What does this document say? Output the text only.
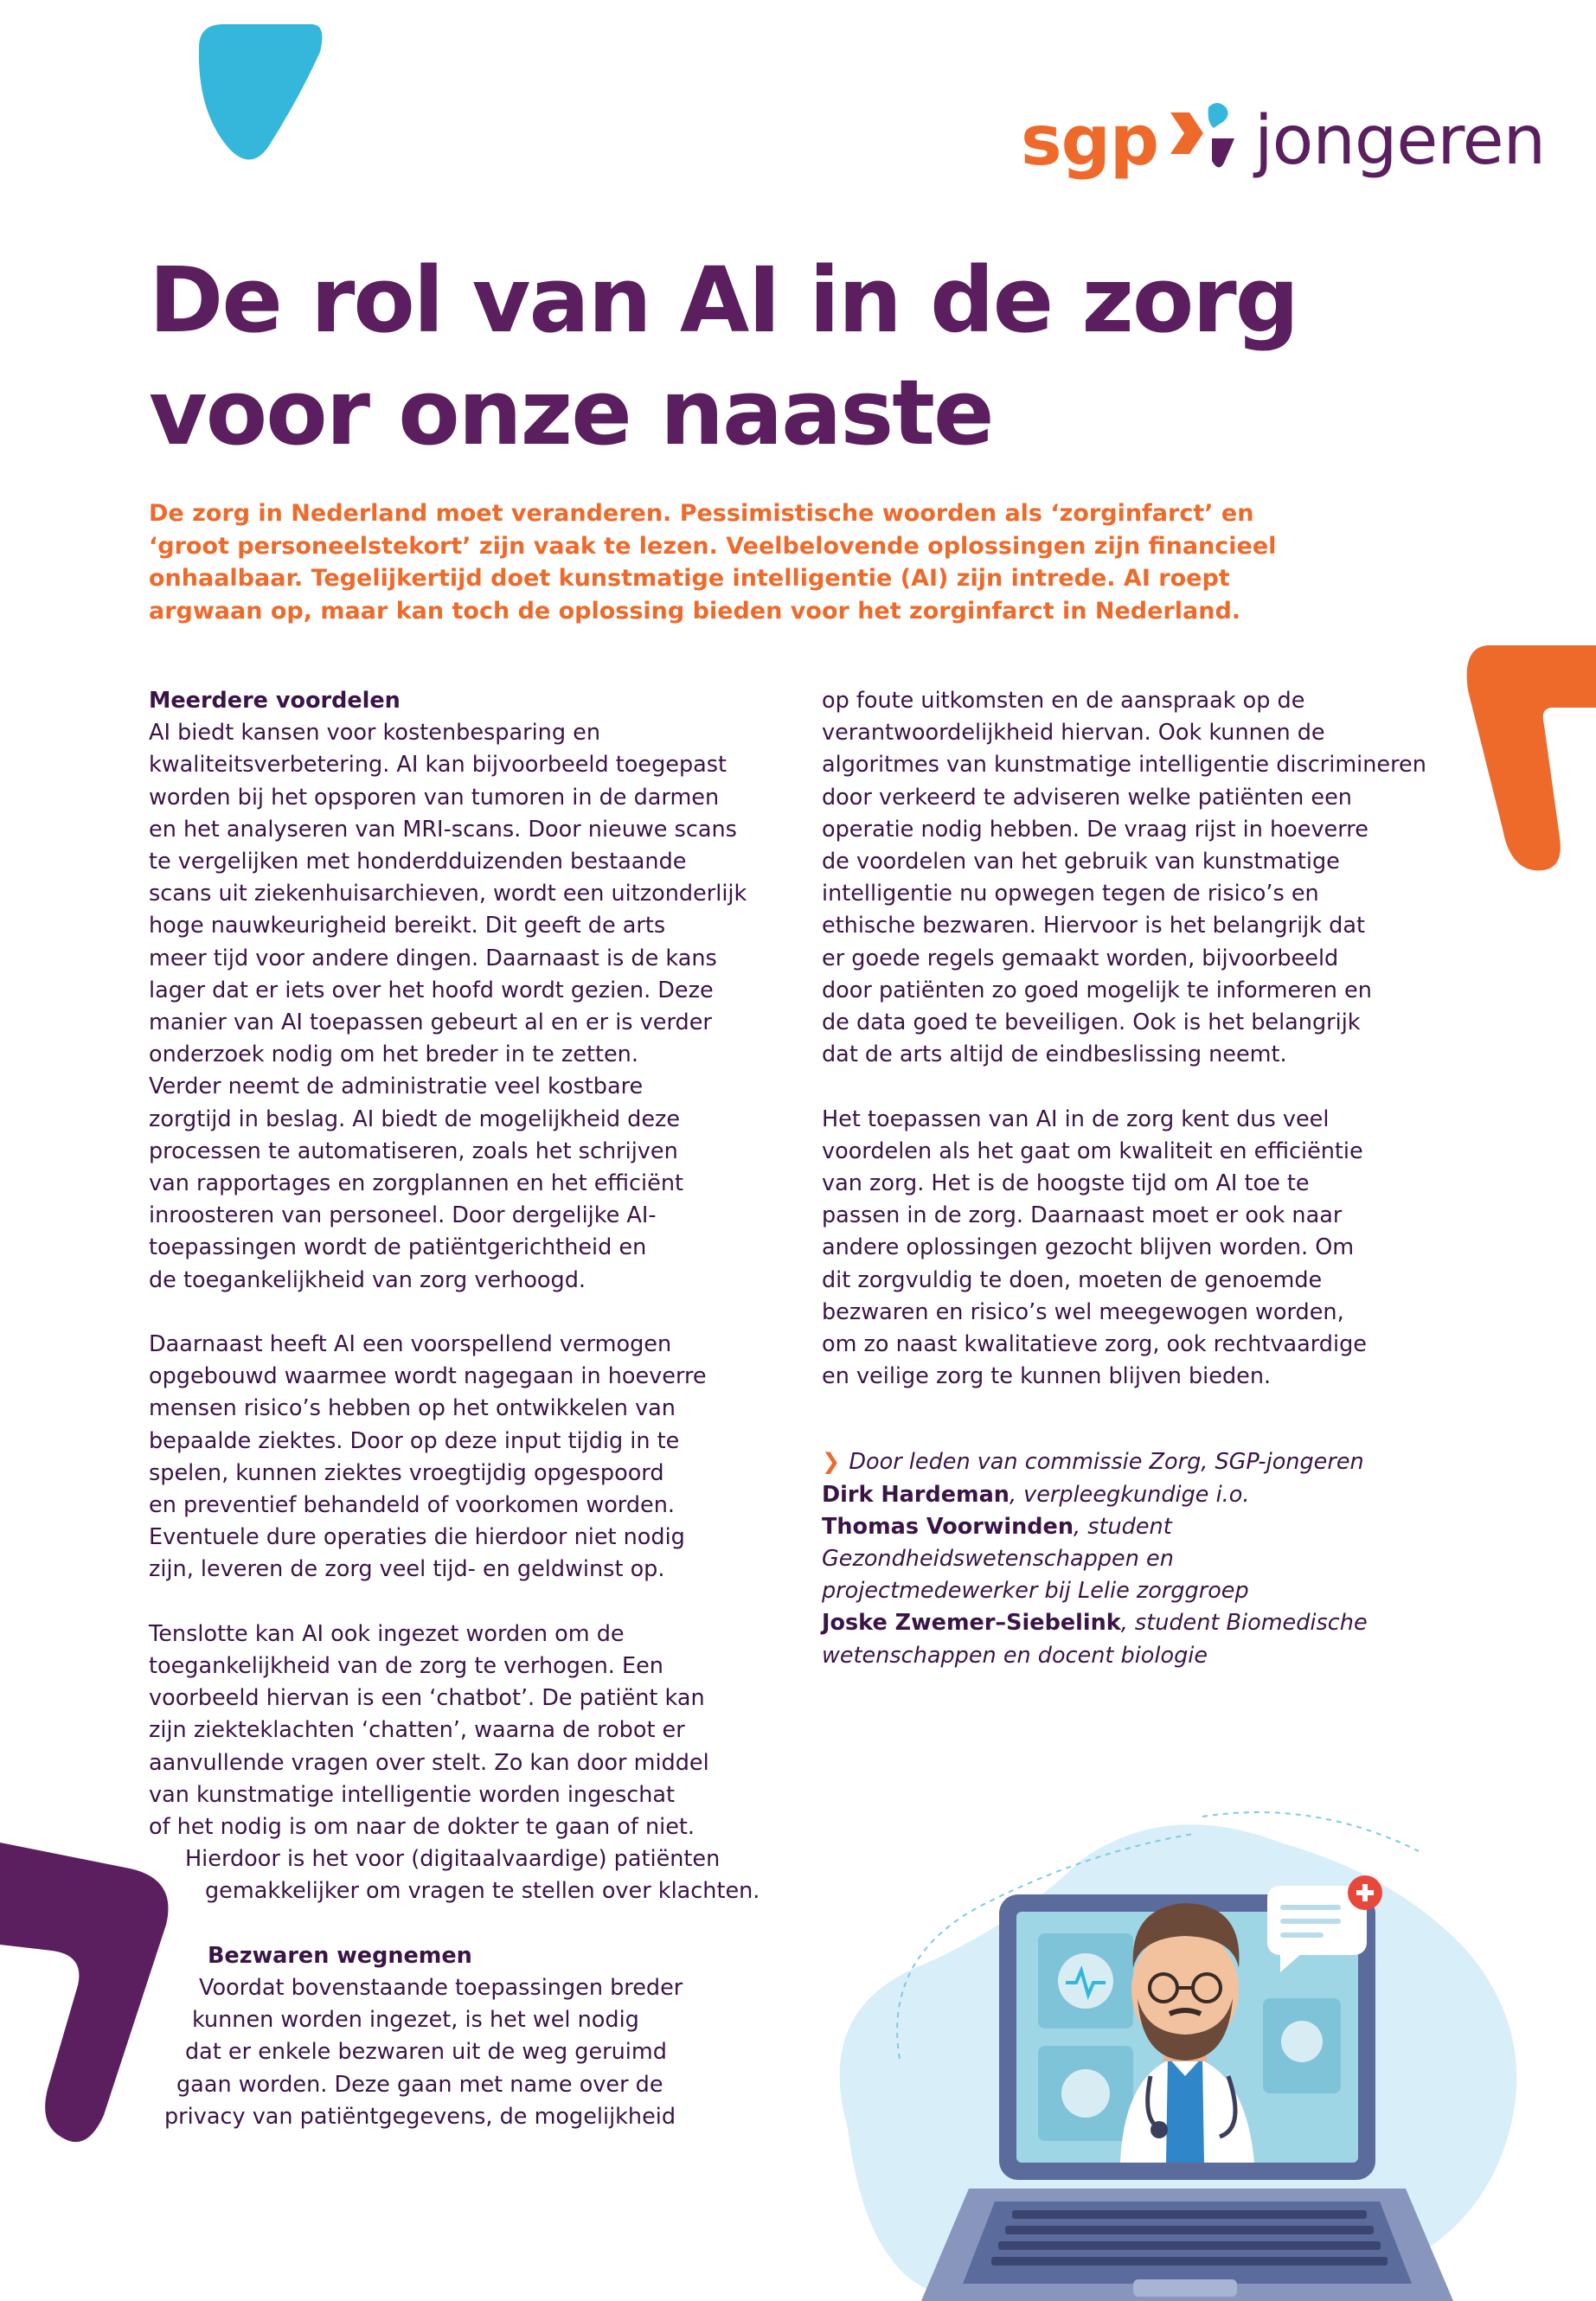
sgp jongeren
De rol van AI in de zorg
voor onze naaste

De zorg in Nederland moet veranderen. Pessimistische woorden als ‘zorginfarct’ en
‘groot personeelstekort’ zijn vaak te lezen. Veelbelovende oplossingen zijn financieel
onhaalbaar. Tegelijkertijd doet kunstmatige intelligentie (AI) zijn intrede. AI roept
argwaan op, maar kan toch de oplossing bieden voor het zorginfarct in Nederland.

Meerdere voordelen

AI biedt kansen voor kostenbesparing en
kwaliteitsverbetering. AI kan bijvoorbeeld toegepast
worden bij het opsporen van tumoren in de darmen
en het analyseren van MRI-scans. Door nieuwe scans
te vergelijken met honderdduizenden bestaande
scans uit ziekenhuisarchieven, wordt een uitzonderlijk
hoge nauwkeurigheid bereikt. Dit geeft de arts
meer tijd voor andere dingen. Daarnaast is de kans
lager dat er iets over het hoofd wordt gezien. Deze
manier van AI toepassen gebeurt al en er is verder
onderzoek nodig om het breder in te zetten.
Verder neemt de administratie veel kostbare
zorgtijd in beslag. AI biedt de mogelijkheid deze
processen te automatiseren, zoals het schrijven
van rapportages en zorgplannen en het efficiënt
inroosteren van personeel. Door dergelijke AI-
toepassingen wordt de patiëntgerichtheid en
de toegankelijkheid van zorg verhoogd.

Daarnaast heeft AI een voorspellend vermogen
opgebouwd waarmee wordt nagegaan in hoeverre
mensen risico’s hebben op het ontwikkelen van
bepaalde ziektes. Door op deze input tijdig in te
spelen, kunnen ziektes vroegtijdig opgespoord
en preventief behandeld of voorkomen worden.
Eventuele dure operaties die hierdoor niet nodig
zijn, leveren de zorg veel tijd- en geldwinst op.

Tenslotte kan AI ook ingezet worden om de
toegankelijkheid van de zorg te verhogen. Een
voorbeeld hiervan is een ‘chatbot’. De patiënt kan
zijn ziekteklachten ‘chatten’, waarna de robot er
aanvullende vragen over stelt. Zo kan door middel
van kunstmatige intelligentie worden ingeschat
of het nodig is om naar de dokter te gaan of niet.
Hierdoor is het voor (digitaalvaardige) patiënten
gemakkelijker om vragen te stellen over klachten.

Bezwaren wegnemen

Voordat bovenstaande toepassingen breder
kunnen worden ingezet, is het wel nodig
dat er enkele bezwaren uit de weg geruimd
gaan worden. Deze gaan met name over de
privacy van patiëntgegevens, de mogelijkheid

op foute uitkomsten en de aanspraak op de
verantwoordelijkheid hiervan. Ook kunnen de
algoritmes van kunstmatige intelligentie discrimineren
door verkeerd te adviseren welke patiënten een
operatie nodig hebben. De vraag rijst in hoeverre
de voordelen van het gebruik van kunstmatige
intelligentie nu opwegen tegen de risico’s en
ethische bezwaren. Hiervoor is het belangrijk dat
er goede regels gemaakt worden, bijvoorbeeld
door patiënten zo goed mogelijk te informeren en
de data goed te beveiligen. Ook is het belangrijk
dat de arts altijd de eindbeslissing neemt.

Het toepassen van AI in de zorg kent dus veel
voordelen als het gaat om kwaliteit en efficiëntie
van zorg. Het is de hoogste tijd om AI toe te
passen in de zorg. Daarnaast moet er ook naar
andere oplossingen gezocht blijven worden. Om
dit zorgvuldig te doen, moeten de genoemde
bezwaren en risico’s wel meegewogen worden,
om zo naast kwalitatieve zorg, ook rechtvaardige
en veilige zorg te kunnen blijven bieden.

❯ Door leden van commissie Zorg, SGP-jongeren
Dirk Hardeman, verpleegkundige i.o.
Thomas Voorwinden, student
Gezondheidswetenschappen en
projectmedewerker bij Lelie zorggroep
Joske Zwemer–Siebelink, student Biomedische
wetenschappen en docent biologie
